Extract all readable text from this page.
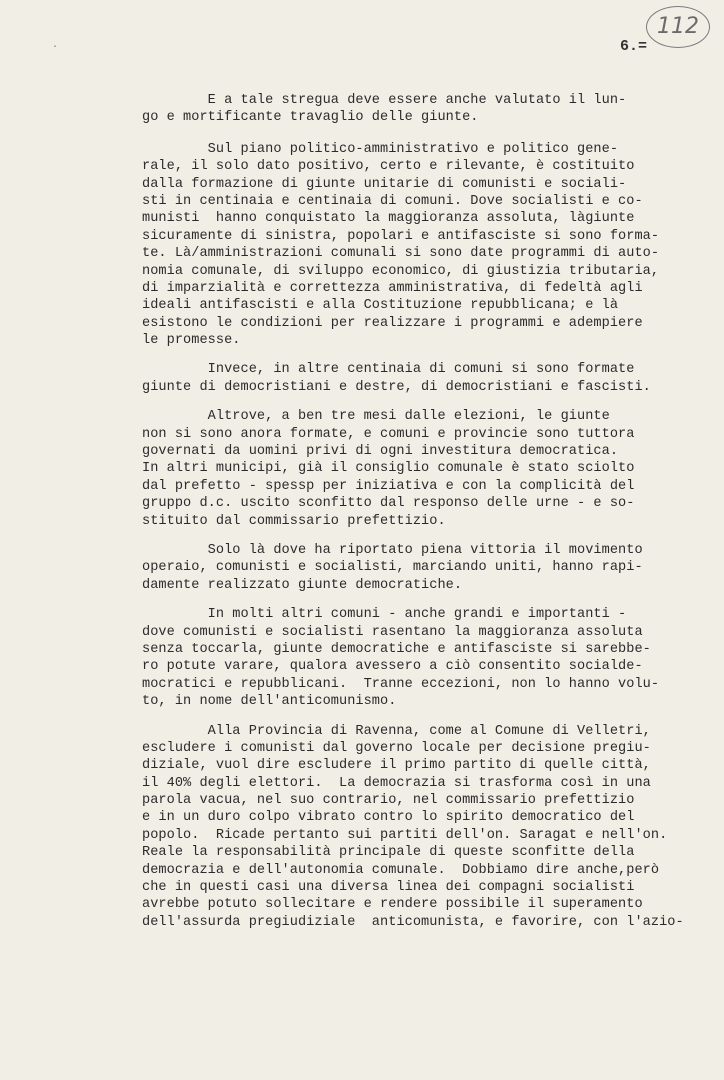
.
112
6.=
E a tale stregua deve essere anche valutato il lun-
go e mortificante travaglio delle giunte.
Sul piano politico-amministrativo e politico gene-
rale, il solo dato positivo, certo e rilevante, è costituito
dalla formazione di giunte unitarie di comunisti e sociali-
sti in centinaia e centinaia di comuni. Dove socialisti e co-
munisti  hanno conquistato la maggioranza assoluta, làgiunte
sicuramente di sinistra, popolari e antifasciste si sono forma-
te. Là/amministrazioni comunali si sono date programmi di auto-
nomia comunale, di sviluppo economico, di giustizia tributaria,
di imparzialità e correttezza amministrativa, di fedeltà agli
ideali antifascisti e alla Costituzione repubblicana; e là
esistono le condizioni per realizzare i programmi e adempiere
le promesse.
Invece, in altre centinaia di comuni si sono formate
giunte di democristiani e destre, di democristiani e fascisti.
Altrove, a ben tre mesi dalle elezioni, le giunte
non si sono anora formate, e comuni e provincie sono tuttora
governati da uomini privi di ogni investitura democratica.
In altri municipi, già il consiglio comunale è stato sciolto
dal prefetto - spessp per iniziativa e con la complicità del
gruppo d.c. uscito sconfitto dal responso delle urne - e so-
stituito dal commissario prefettizio.
Solo là dove ha riportato piena vittoria il movimento
operaio, comunisti e socialisti, marciando uniti, hanno rapi-
damente realizzato giunte democratiche.
In molti altri comuni - anche grandi e importanti -
dove comunisti e socialisti rasentano la maggioranza assoluta
senza toccarla, giunte democratiche e antifasciste si sarebbe-
ro potute varare, qualora avessero a ciò consentito socialde-
mocratici e repubblicani.  Tranne eccezioni, non lo hanno volu-
to, in nome dell'anticomunismo.
Alla Provincia di Ravenna, come al Comune di Velletri,
escludere i comunisti dal governo locale per decisione pregiu-
diziale, vuol dire escludere il primo partito di quelle città,
il 40% degli elettori.  La democrazia si trasforma così in una
parola vacua, nel suo contrario, nel commissario prefettizio
e in un duro colpo vibrato contro lo spirito democratico del
popolo.  Ricade pertanto sui partiti dell'on. Saragat e nell'on.
Reale la responsabilità principale di queste sconfitte della
democrazia e dell'autonomia comunale.  Dobbiamo dire anche,però
che in questi casi una diversa linea dei compagni socialisti
avrebbe potuto sollecitare e rendere possibile il superamento
dell'assurda pregiudiziale  anticomunista, e favorire, con l'azio-
